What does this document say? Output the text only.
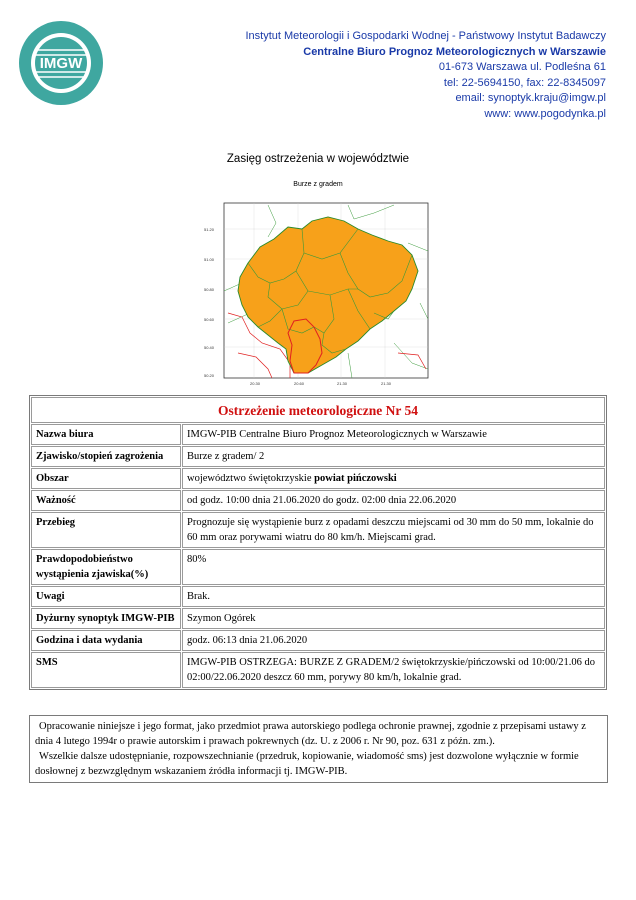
IMGW
Instytut Meteorologii i Gospodarki Wodnej - Państwowy Instytut Badawczy
Centralne Biuro Prognoz Meteorologicznych w Warszawie
01-673 Warszawa ul. Podleśna 61
tel: 22-5694150, fax: 22-8345097
email: synoptyk.kraju@imgw.pl
www: www.pogodynka.pl
Zasięg ostrzeżenia w województwie
Burze z gradem
51.20
51.00
50.80
50.60
50.40
50.20
20.30	20.60	21.30	21.30
Ostrzeżenie meteorologiczne Nr 54	
Nazwa biura	IMGW-PIB Centralne Biuro Prognoz Meteorologicznych w Warszawie
Zjawisko/stopień zagrożenia	Burze z gradem/ 2
Obszar	województwo świętokrzyskie powiat pińczowski
Ważność	od godz. 10:00 dnia 21.06.2020 do godz. 02:00 dnia 22.06.2020
Przebieg	Prognozuje się wystąpienie burz z opadami deszczu miejscami od 30 mm do 50 mm, lokalnie do 60 mm oraz porywami wiatru do 80 km/h. Miejscami grad.
Prawdopodobieństwo wystąpienia zjawiska(%)	80%
Uwagi	Brak.
Dyżurny synoptyk IMGW-PIB	Szymon Ogórek
Godzina i data wydania	godz. 06:13 dnia 21.06.2020
SMS	IMGW-PIB OSTRZEGA: BURZE Z GRADEM/2 świętokrzyskie/pińczowski od 10:00/21.06 do 02:00/22.06.2020 deszcz 60 mm, porywy 80 km/h, lokalnie grad.

Opracowanie niniejsze i jego format, jako przedmiot prawa autorskiego podlega ochronie prawnej, zgodnie z przepisami ustawy z dnia 4 lutego 1994r o prawie autorskim i prawach pokrewnych (dz. U. z 2006 r. Nr 90, poz. 631 z późn. zm.).

Wszelkie dalsze udostępnianie, rozpowszechnianie (przedruk, kopiowanie, wiadomość sms) jest dozwolone wyłącznie w formie dosłownej z bezwzględnym wskazaniem źródła informacji tj. IMGW-PIB.
